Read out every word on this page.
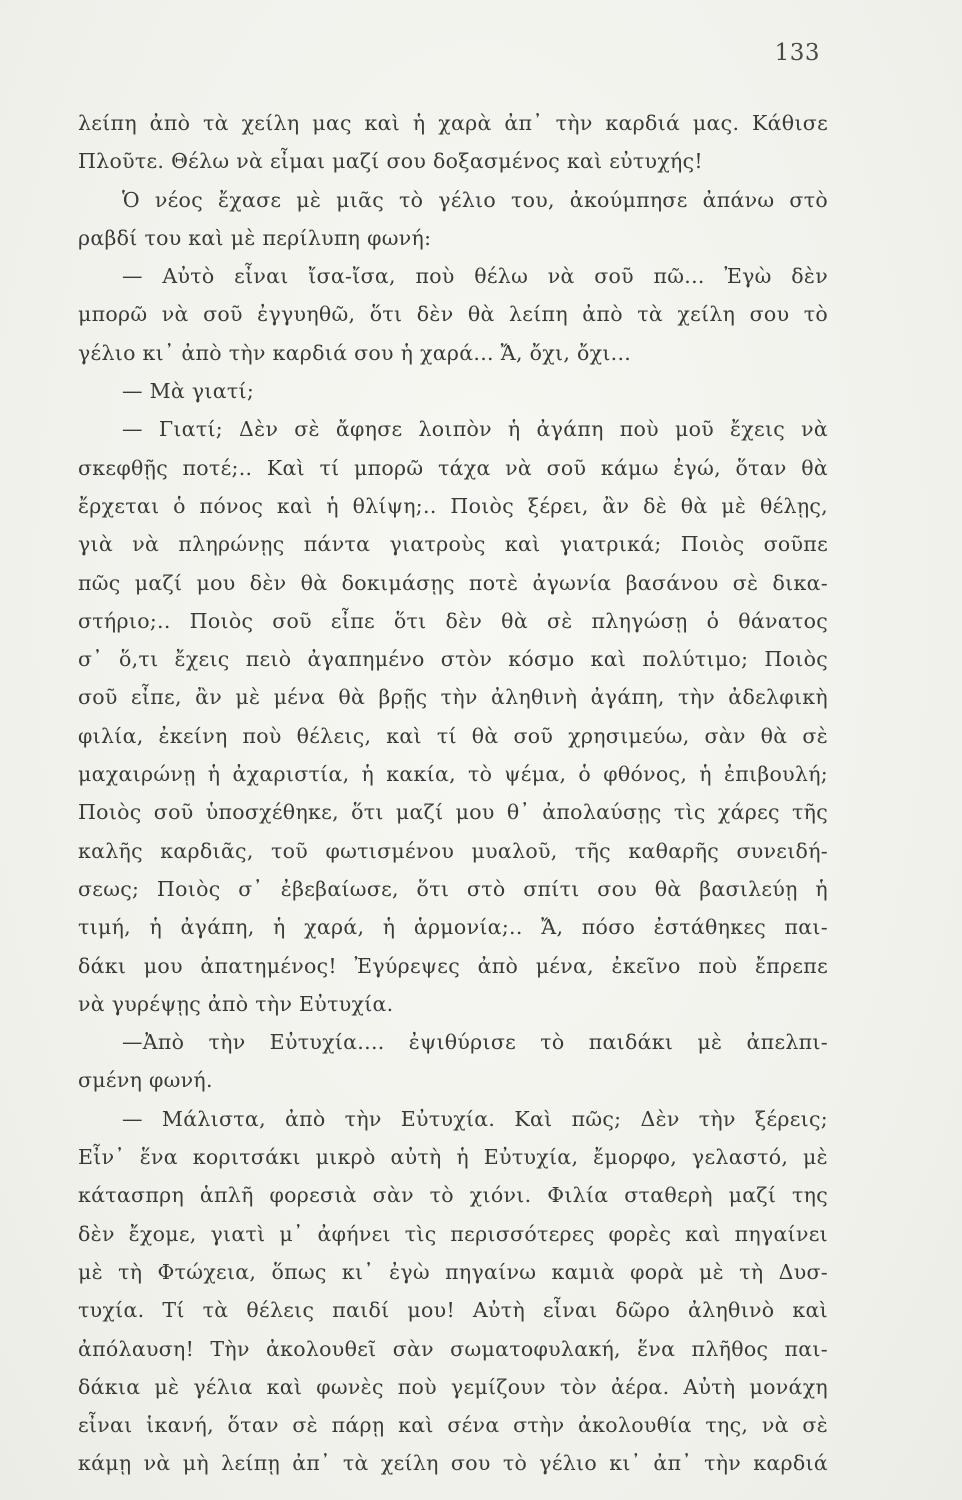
133
λείπη ἀπὸ τὰ χείλη μας καὶ ἡ χαρὰ ἀπ᾽ τὴν καρδιά μας. Κάθισε
Πλοῦτε. Θέλω νὰ εἶμαι μαζί σου δοξασμένος καὶ εὐτυχής!
Ὁ νέος ἔχασε μὲ μιᾶς τὸ γέλιο του, ἀκούμπησε ἀπάνω στὸ
ραβδί του καὶ μὲ περίλυπη φωνή:
— Αὐτὸ εἶναι ἴσα-ἴσα, ποὺ θέλω νὰ σοῦ πῶ... Ἐγὼ δὲν
μπορῶ νὰ σοῦ ἐγγυηθῶ, ὅτι δὲν θὰ λείπη ἀπὸ τὰ χείλη σου τὸ
γέλιο κι᾽ ἀπὸ τὴν καρδιά σου ἡ χαρά... Ἄ, ὄχι, ὄχι...
— Μὰ γιατί;
— Γιατί; Δὲν σὲ ἄφησε λοιπὸν ἡ ἀγάπη ποὺ μοῦ ἔχεις νὰ
σκεφθῇς ποτέ;.. Καὶ τί μπορῶ τάχα νὰ σοῦ κάμω ἐγώ, ὅταν θὰ
ἔρχεται ὁ πόνος καὶ ἡ θλίψη;.. Ποιὸς ξέρει, ἂν δὲ θὰ μὲ θέλῃς,
γιὰ νὰ πληρώνῃς πάντα γιατροὺς καὶ γιατρικά; Ποιὸς σοῦπε
πῶς μαζί μου δὲν θὰ δοκιμάσῃς ποτὲ ἀγωνία βασάνου σὲ δικα-
στήριο;.. Ποιὸς σοῦ εἶπε ὅτι δὲν θὰ σὲ πληγώσῃ ὁ θάνατος
σ᾽ ὅ,τι ἔχεις πειὸ ἀγαπημένο στὸν κόσμο καὶ πολύτιμο; Ποιὸς
σοῦ εἶπε, ἂν μὲ μένα θὰ βρῇς τὴν ἀληθινὴ ἀγάπη, τὴν ἀδελφικὴ
φιλία, ἐκείνη ποὺ θέλεις, καὶ τί θὰ σοῦ χρησιμεύω, σὰν θὰ σὲ
μαχαιρώνῃ ἡ ἀχαριστία, ἡ κακία, τὸ ψέμα, ὁ φθόνος, ἡ ἐπιβουλή;
Ποιὸς σοῦ ὑποσχέθηκε, ὅτι μαζί μου θ᾽ ἀπολαύσῃς τὶς χάρες τῆς
καλῆς καρδιᾶς, τοῦ φωτισμένου μυαλοῦ, τῆς καθαρῆς συνειδή-
σεως; Ποιὸς σ᾽ ἐβεβαίωσε, ὅτι στὸ σπίτι σου θὰ βασιλεύῃ ἡ
τιμή, ἡ ἀγάπη, ἡ χαρά, ἡ ἁρμονία;.. Ἄ, πόσο ἐστάθηκες παι-
δάκι μου ἀπατημένος! Ἐγύρεψες ἀπὸ μένα, ἐκεῖνο ποὺ ἔπρεπε
νὰ γυρέψῃς ἀπὸ τὴν Εὐτυχία.
—Ἀπὸ τὴν Εὐτυχία.... ἐψιθύρισε τὸ παιδάκι μὲ ἀπελπι-
σμένη φωνή.
— Μάλιστα, ἀπὸ τὴν Εὐτυχία. Καὶ πῶς; Δὲν τὴν ξέρεις;
Εἶν᾽ ἕνα κοριτσάκι μικρὸ αὐτὴ ἡ Εὐτυχία, ἔμορφο, γελαστό, μὲ
κάτασπρη ἁπλῆ φορεσιὰ σὰν τὸ χιόνι. Φιλία σταθερὴ μαζί της
δὲν ἔχομε, γιατὶ μ᾽ ἀφήνει τὶς περισσότερες φορὲς καὶ πηγαίνει
μὲ τὴ Φτώχεια, ὅπως κι᾽ ἐγὼ πηγαίνω καμιὰ φορὰ μὲ τὴ Δυσ-
τυχία. Τί τὰ θέλεις παιδί μου! Αὐτὴ εἶναι δῶρο ἀληθινὸ καὶ
ἀπόλαυση! Τὴν ἀκολουθεῖ σὰν σωματοφυλακή, ἕνα πλῆθος παι-
δάκια μὲ γέλια καὶ φωνὲς ποὺ γεμίζουν τὸν ἀέρα. Αὐτὴ μονάχη
εἶναι ἱκανή, ὅταν σὲ πάρῃ καὶ σένα στὴν ἀκολουθία της, νὰ σὲ
κάμῃ νὰ μὴ λείπῃ ἀπ᾽ τὰ χείλη σου τὸ γέλιο κι᾽ ἀπ᾽ τὴν καρδιά
